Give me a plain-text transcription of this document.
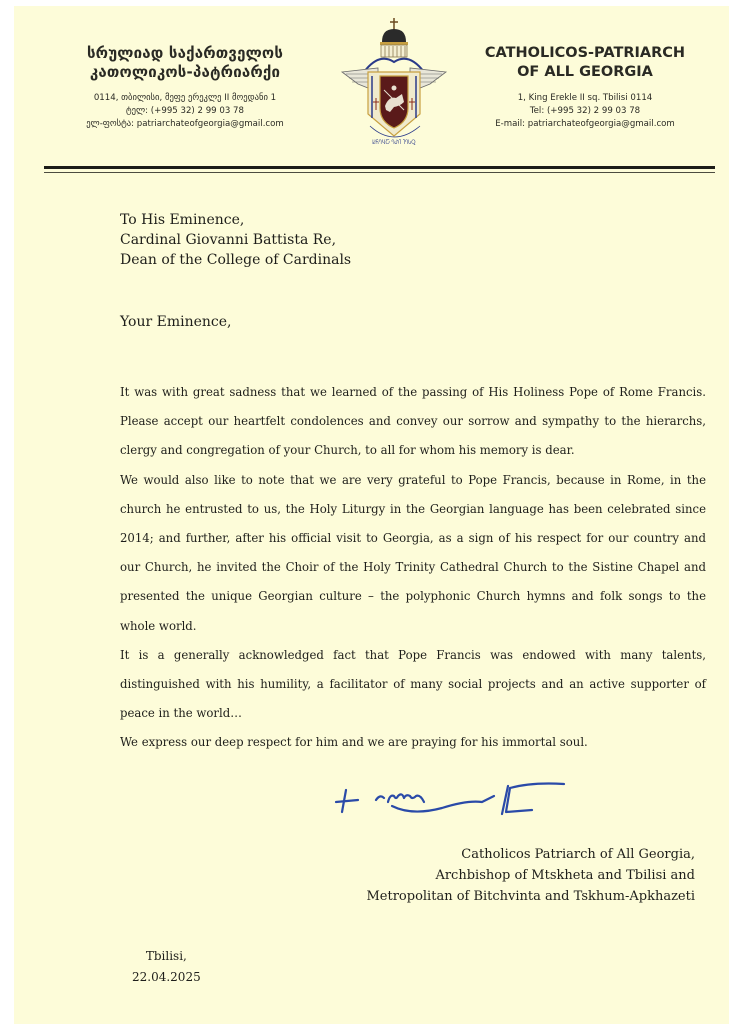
სრულიად საქართველოს
კათოლიკოს-პატრიარქი
0114, თბილისი, მეფე ერეკლე II მოედანი 1
ტელ: (+995 32) 2 99 03 78
ელ-ფოსტა: patriarchateofgeorgia@gmail.com
ႾႬႤႡႠ ႤႰႨ ႨႤႱႭ
CATHOLICOS-PATRIARCH
OF ALL GEORGIA
1, King Erekle II sq. Tbilisi 0114
Tel: (+995 32) 2 99 03 78
E-mail: patriarchateofgeorgia@gmail.com
To His Eminence,
Cardinal Giovanni Battista Re,
Dean of the College of Cardinals
Your Eminence,

It was with great sadness that we learned of the passing of His Holiness Pope of Rome Francis. Please accept our heartfelt condolences and convey our sorrow and sympathy to the hierarchs, clergy and congregation of your Church, to all for whom his memory is dear.

We would also like to note that we are very grateful to Pope Francis, because in Rome, in the church he entrusted to us, the Holy Liturgy in the Georgian language has been celebrated since 2014; and further, after his official visit to Georgia, as a sign of his respect for our country and our Church, he invited the Choir of the Holy Trinity Cathedral Church to the Sistine Chapel and presented the unique Georgian culture – the polyphonic Church hymns and folk songs to the whole world.

It is a generally acknowledged fact that Pope Francis was endowed with many talents, distinguished with his humility, a facilitator of many social projects and an active supporter of peace in the world…

We express our deep respect for him and we are praying for his immortal soul.

Catholicos Patriarch of All Georgia,
Archbishop of Mtskheta and Tbilisi and
Metropolitan of Bitchvinta and Tskhum-Apkhazeti
Tbilisi,
22.04.2025
